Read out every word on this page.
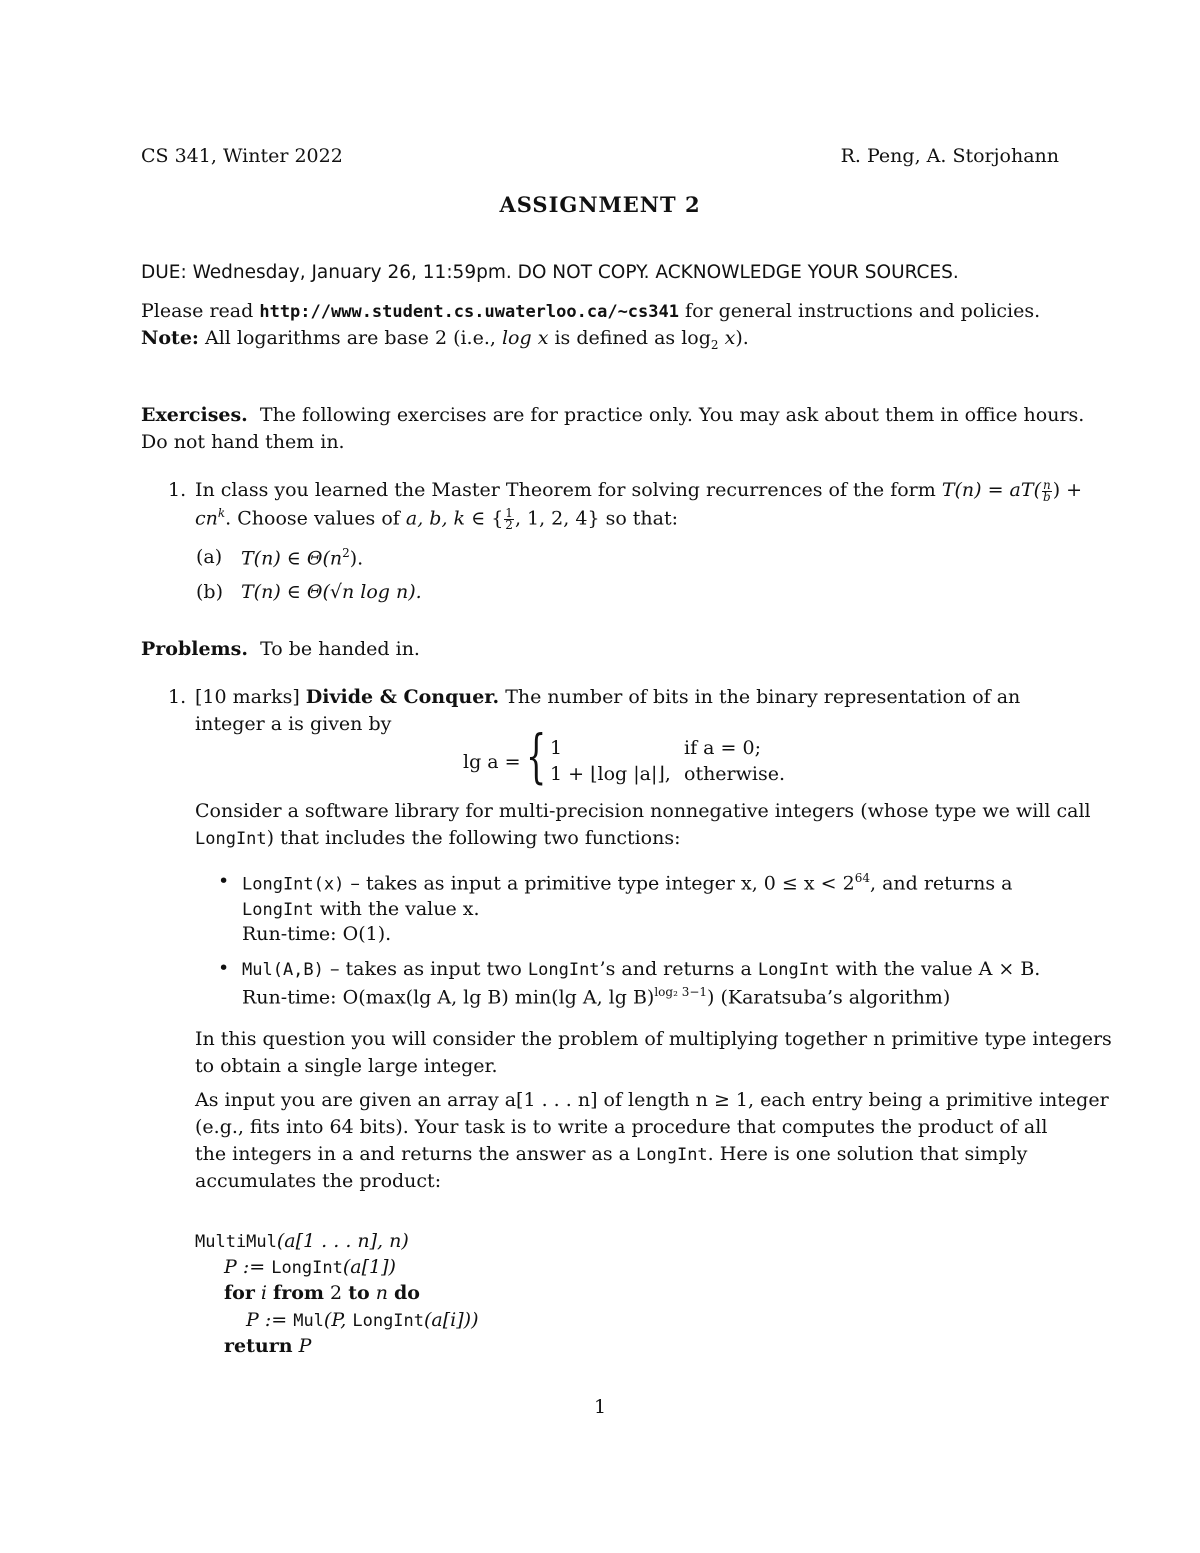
CS 341, Winter 2022	R. Peng, A. Storjohann
ASSIGNMENT 2
DUE: Wednesday, January 26, 11:59pm. DO NOT COPY. ACKNOWLEDGE YOUR SOURCES.
Please read http://www.student.cs.uwaterloo.ca/~cs341 for general instructions and policies.
Note: All logarithms are base 2 (i.e., log x is defined as $\log_2 x$).
Exercises. The following exercises are for practice only. You may ask about them in office hours.
Do not hand them in.
1. In class you learned the Master Theorem for solving recurrences of the form $T(n) = aT( \frac{n}{b}$ ) +
$cn^k$. Choose values of a, b, k ∈ { $\frac{1}{2}$ , 1, 2, 4} so that:
(a) T(n) ∈ $\Theta(n^2)$.
(b) T(n) ∈ Θ(√n log n).
Problems. To be handed in.
1. [10 marks] Divide & Conquer. The number of bits in the binary representation of an
integer a is given by
lg a = { 1	if a = 0;
1 + ⌊log |a|⌋, otherwise.
Consider a software library for multi-precision nonnegative integers (whose type we will call
LongInt) that includes the following two functions:
• LongInt(x) – takes as input a primitive type integer x, $0 \le x < 2^{64}$, and returns a
LongInt with the value x.
Run-time: O(1).
• Mul(A,B) – takes as input two LongInt’s and returns a LongInt with the value A × B.
Run-time: O(max(lg A, lg B) min(lg A, lg B)$^{log_2 3-1}$) (Karatsuba’s algorithm)
In this question you will consider the problem of multiplying together n primitive type integers
to obtain a single large integer.
As input you are given an array a[1 . . . n] of length n ≥ 1, each entry being a primitive integer
(e.g., fits into 64 bits). Your task is to write a procedure that computes the product of all
the integers in a and returns the answer as a LongInt. Here is one solution that simply
accumulates the product:
MultiMul(a[1 . . . n], n)
P := LongInt(a[1])
for i from 2 to n do
P := Mul(P, LongInt(a[i]))
return P
1
